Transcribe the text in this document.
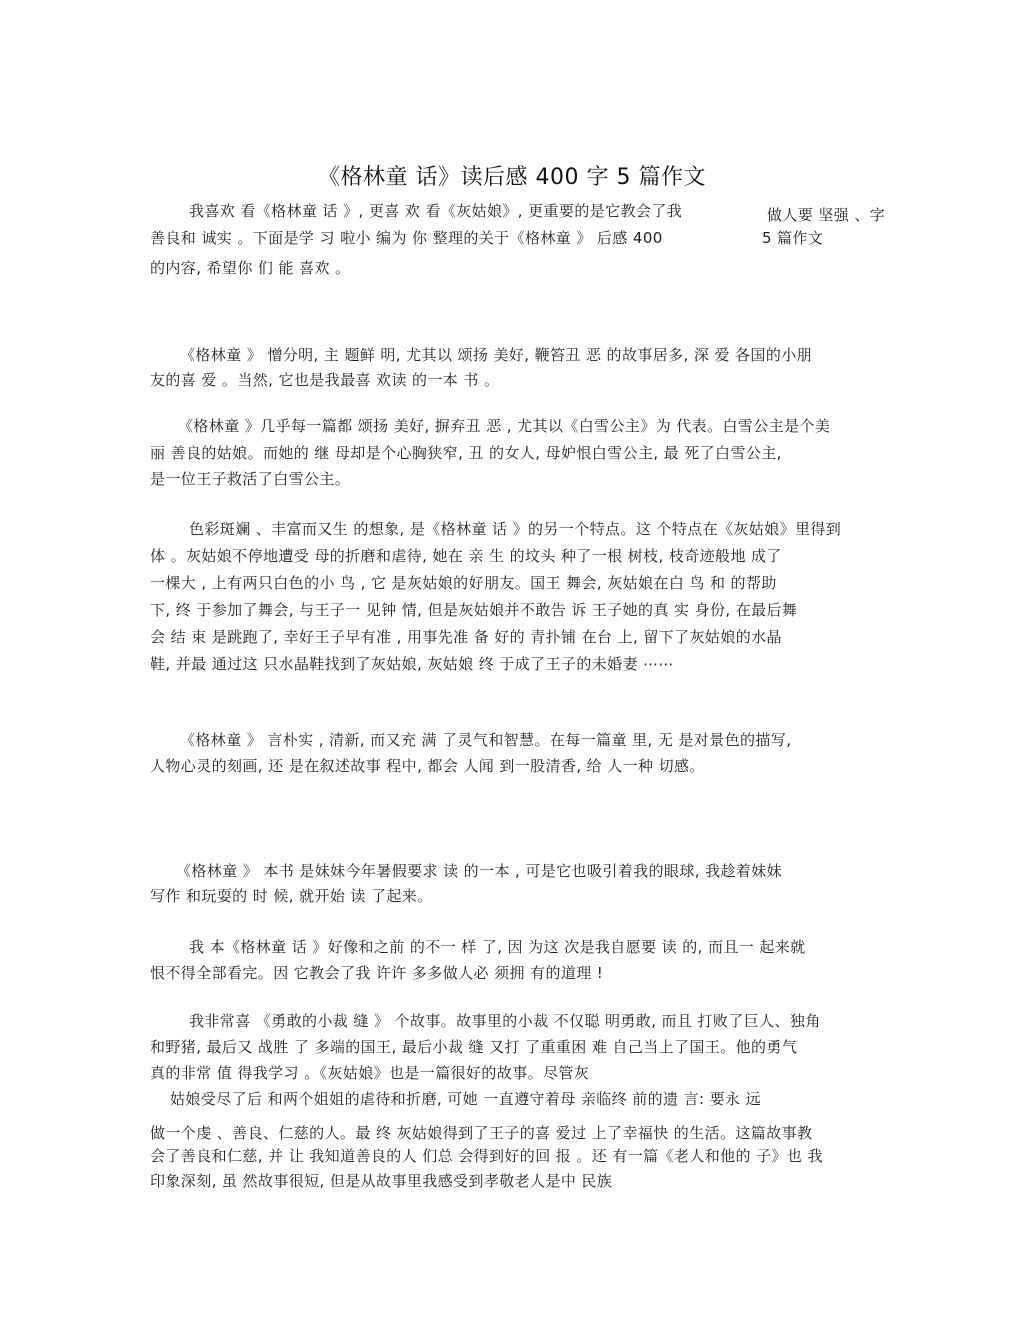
《格林童 话》读后感 400 字 5 篇作文
我喜欢 看《格林童 话 》, 更喜 欢 看《灰姑娘》, 更重要的是它教会了我
善良和 诚实 。下面是学 习 啦小 编为 你 整理的关于《格林童 》 后感 400
的内容, 希望你 们 能 喜欢 。
做人要 坚强 、字
5 篇作文
《格林童 》 憎分明, 主 题鲜 明, 尤其以 颂扬 美好, 鞭笞丑 恶 的故事居多, 深 爱 各国的小朋
友的喜 爱 。当然, 它也是我最喜 欢读 的一本 书 。
《格林童 》几乎每一篇都 颂扬 美好, 摒弃丑 恶 , 尤其以《白雪公主》为 代表。白雪公主是个美
丽 善良的姑娘。而她的 继 母却是个心胸狭窄, 丑 的女人, 母妒恨白雪公主, 最 死了白雪公主,
是一位王子救活了白雪公主。
色彩斑斓 、丰富而又生 的想象, 是《格林童 话 》的另一个特点。这 个特点在《灰姑娘》里得到
体 。灰姑娘不停地遭受 母的折磨和虐待, 她在 亲 生 的坟头 种了一根 树枝, 枝奇迹般地 成了
一棵大 , 上有两只白色的小 鸟 , 它 是灰姑娘的好朋友。国王 舞会, 灰姑娘在白 鸟 和 的帮助
下, 终 于参加了舞会, 与王子一 见钟 情, 但是灰姑娘并不敢告 诉 王子她的真 实 身份, 在最后舞
会 结 束 是跳跑了, 幸好王子早有准 , 用事先准 备 好的 青扑铺 在台 上, 留下了灰姑娘的水晶
鞋, 并最 通过这 只水晶鞋找到了灰姑娘, 灰姑娘 终 于成了王子的未婚妻 ⋯⋯
《格林童 》 言朴实 , 清新, 而又充 满 了灵气和智慧。在每一篇童 里, 无 是对景色的描写,
人物心灵的刻画, 还 是在叙述故事 程中, 都会 人闻 到一股清香, 给 人一种 切感。
《格林童 》 本书 是妹妹今年暑假要求 读 的一本 , 可是它也吸引着我的眼球, 我趁着妹妹
写作 和玩耍的 时 候, 就开始 读 了起来。
我 本《格林童 话 》好像和之前 的不一 样 了, 因 为这 次是我自愿要 读 的, 而且一 起来就
恨不得全部看完。因 它教会了我 许许 多多做人必 须拥 有的道理 !
我非常喜 《勇敢的小裁 缝 》 个故事。故事里的小裁 不仅聪 明勇敢, 而且 打败了巨人、独角
和野猪, 最后又 战胜 了 多端的国王, 最后小裁 缝 又打 了重重困 难 自己当上了国王。他的勇气
真的非常 值 得我学习 。《灰姑娘》也是一篇很好的故事。尽管灰
姑娘受尽了后 和两个姐姐的虐待和折磨, 可她 一直遵守着母 亲临终 前的遗 言: 要永 远
做一个虔 、善良、仁慈的人。最 终 灰姑娘得到了王子的喜 爱过 上了幸福快 的生活。这篇故事教
会了善良和仁慈, 并 让 我知道善良的人 们总 会得到好的回 报 。还 有一篇《老人和他的 子》也 我
印象深刻, 虽 然故事很短, 但是从故事里我感受到孝敬老人是中 民族
